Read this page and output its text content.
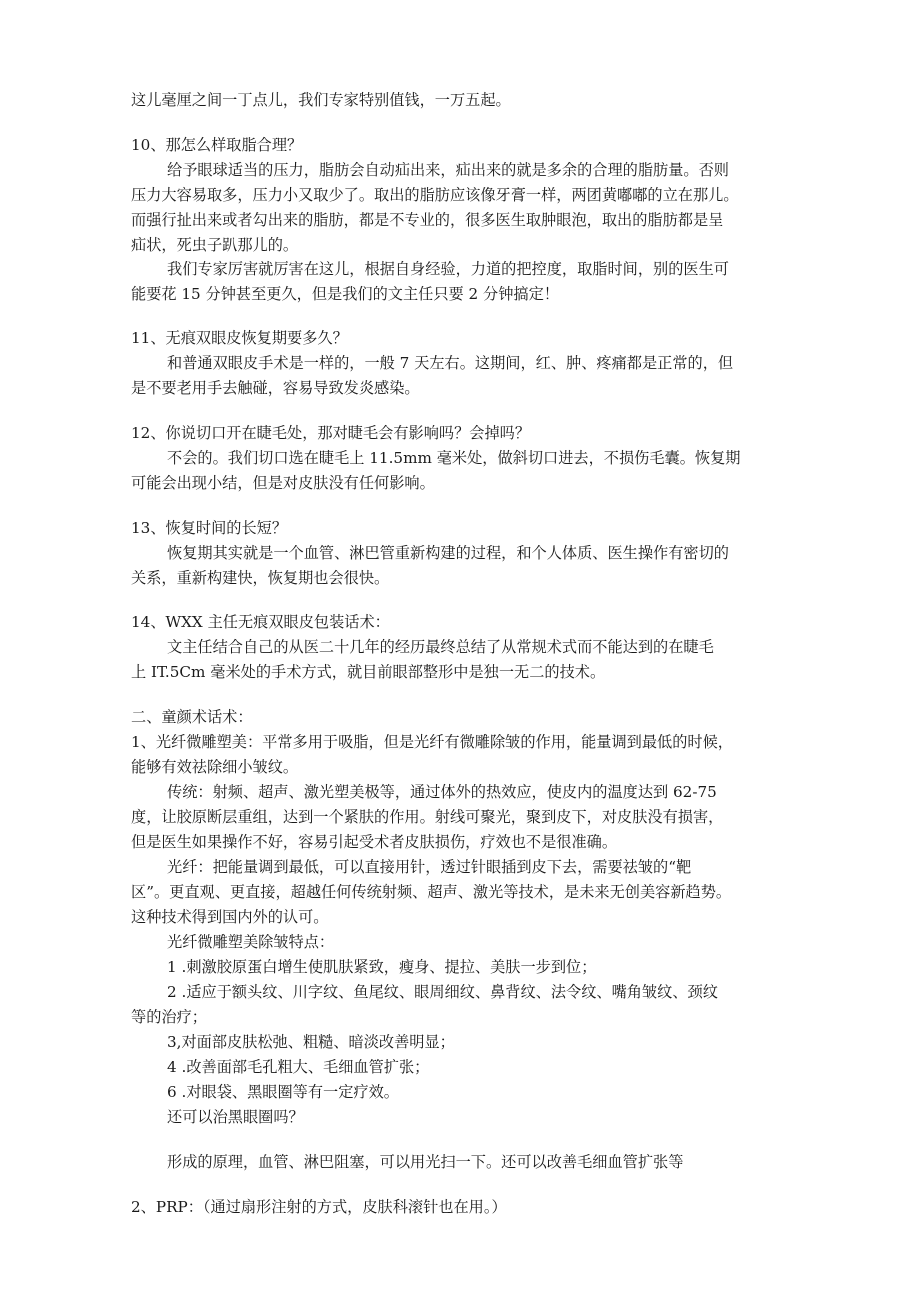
这儿毫厘之间一丁点儿，我们专家特别值钱，一万五起。

10、那怎么样取脂合理？

给予眼球适当的压力，脂肪会自动疝出来，疝出来的就是多余的合理的脂肪量。否则

压力大容易取多，压力小又取少了。取出的脂肪应该像牙膏一样，两团黄嘟嘟的立在那儿。

而强行扯出来或者勾出来的脂肪，都是不专业的，很多医生取肿眼泡，取出的脂肪都是呈

疝状，死虫子趴那儿的。

我们专家厉害就厉害在这儿，根据自身经验，力道的把控度，取脂时间，别的医生可

能要花 15 分钟甚至更久，但是我们的文主任只要 2 分钟搞定！

11、无痕双眼皮恢复期要多久？

和普通双眼皮手术是一样的，一般 7 天左右。这期间，红、肿、疼痛都是正常的，但

是不要老用手去触碰，容易导致发炎感染。

12、你说切口开在睫毛处，那对睫毛会有影响吗？会掉吗？

不会的。我们切口选在睫毛上 11.5mm 毫米处，做斜切口进去，不损伤毛囊。恢复期

可能会出现小结，但是对皮肤没有任何影响。

13、恢复时间的长短？

恢复期其实就是一个血管、淋巴管重新构建的过程，和个人体质、医生操作有密切的

关系，重新构建快，恢复期也会很快。

14、WXX 主任无痕双眼皮包装话术：

文主任结合自己的从医二十几年的经历最终总结了从常规术式而不能达到的在睫毛

上 IT.5Cm 毫米处的手术方式，就目前眼部整形中是独一无二的技术。

二、童颜术话术：

1、光纤微雕塑美：平常多用于吸脂，但是光纤有微雕除皱的作用，能量调到最低的时候，

能够有效祛除细小皱纹。

传统：射频、超声、激光塑美极等，通过体外的热效应，使皮内的温度达到 62-75

度，让胶原断层重组，达到一个紧肤的作用。射线可聚光，聚到皮下，对皮肤没有损害，

但是医生如果操作不好，容易引起受术者皮肤损伤，疗效也不是很准确。

光纤：把能量调到最低，可以直接用针，透过针眼插到皮下去，需要祛皱的“靶

区”。更直观、更直接，超越任何传统射频、超声、激光等技术，是未来无创美容新趋势。

这种技术得到国内外的认可。

光纤微雕塑美除皱特点：

1 .刺激胶原蛋白增生使肌肤紧致，瘦身、提拉、美肤一步到位；

2 .适应于额头纹、川字纹、鱼尾纹、眼周细纹、鼻背纹、法令纹、嘴角皱纹、颈纹

等的治疗；

3,对面部皮肤松弛、粗糙、暗淡改善明显；

4 .改善面部毛孔粗大、毛细血管扩张；

6 .对眼袋、黑眼圈等有一定疗效。

还可以治黑眼圈吗？

形成的原理，血管、淋巴阻塞，可以用光扫一下。还可以改善毛细血管扩张等

2、PRP：（通过扇形注射的方式，皮肤科滚针也在用。）
